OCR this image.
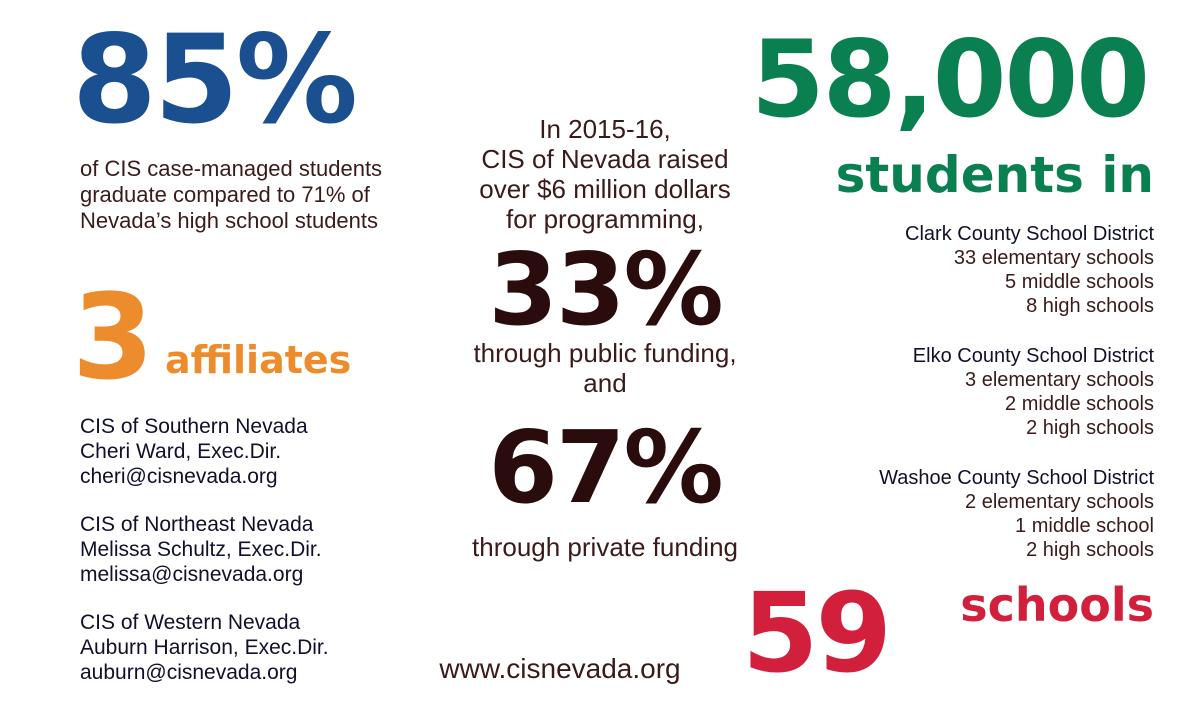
85%
of CIS case-managed students
graduate compared to 71% of
Nevada’s high school students
3 affiliates
CIS of Southern Nevada
Cheri Ward, Exec.Dir.
cheri@cisnevada.org
CIS of Northeast Nevada
Melissa Schultz, Exec.Dir.
melissa@cisnevada.org
CIS of Western Nevada
Auburn Harrison, Exec.Dir.
auburn@cisnevada.org
In 2015-16,
CIS of Nevada raised
over $6 million dollars
for programming,
33%
through public funding,
and
67%
through private funding
www.cisnevada.org
58,000
students in
Clark County School District
33 elementary schools
5 middle schools
8 high schools
Elko County School District
3 elementary schools
2 middle schools
2 high schools
Washoe County School District
2 elementary schools
1 middle school
2 high schools
59 schools
